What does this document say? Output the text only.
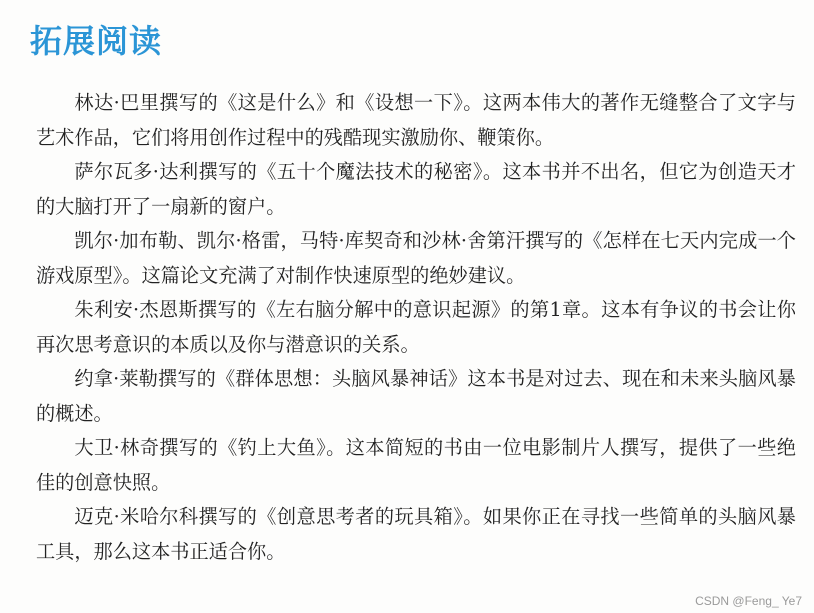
拓展阅读

林达·巴里撰写的《这是什么》和《设想一下》。这两本伟大的著作无缝整合了文字与艺术作品，它们将用创作过程中的残酷现实激励你、鞭策你。

萨尔瓦多·达利撰写的《五十个魔法技术的秘密》。这本书并不出名，但它为创造天才的大脑打开了一扇新的窗户。

凯尔·加布勒、凯尔·格雷，马特·库契奇和沙林·舍第汗撰写的《怎样在七天内完成一个游戏原型》。这篇论文充满了对制作快速原型的绝妙建议。

朱利安·杰恩斯撰写的《左右脑分解中的意识起源》的第1章。这本有争议的书会让你再次思考意识的本质以及你与潜意识的关系。

约拿·莱勒撰写的《群体思想：头脑风暴神话》这本书是对过去、现在和未来头脑风暴的概述。

大卫·林奇撰写的《钓上大鱼》。这本简短的书由一位电影制片人撰写，提供了一些绝佳的创意快照。

迈克·米哈尔科撰写的《创意思考者的玩具箱》。如果你正在寻找一些简单的头脑风暴工具，那么这本书正适合你。

CSDN @Feng_ Ye7
